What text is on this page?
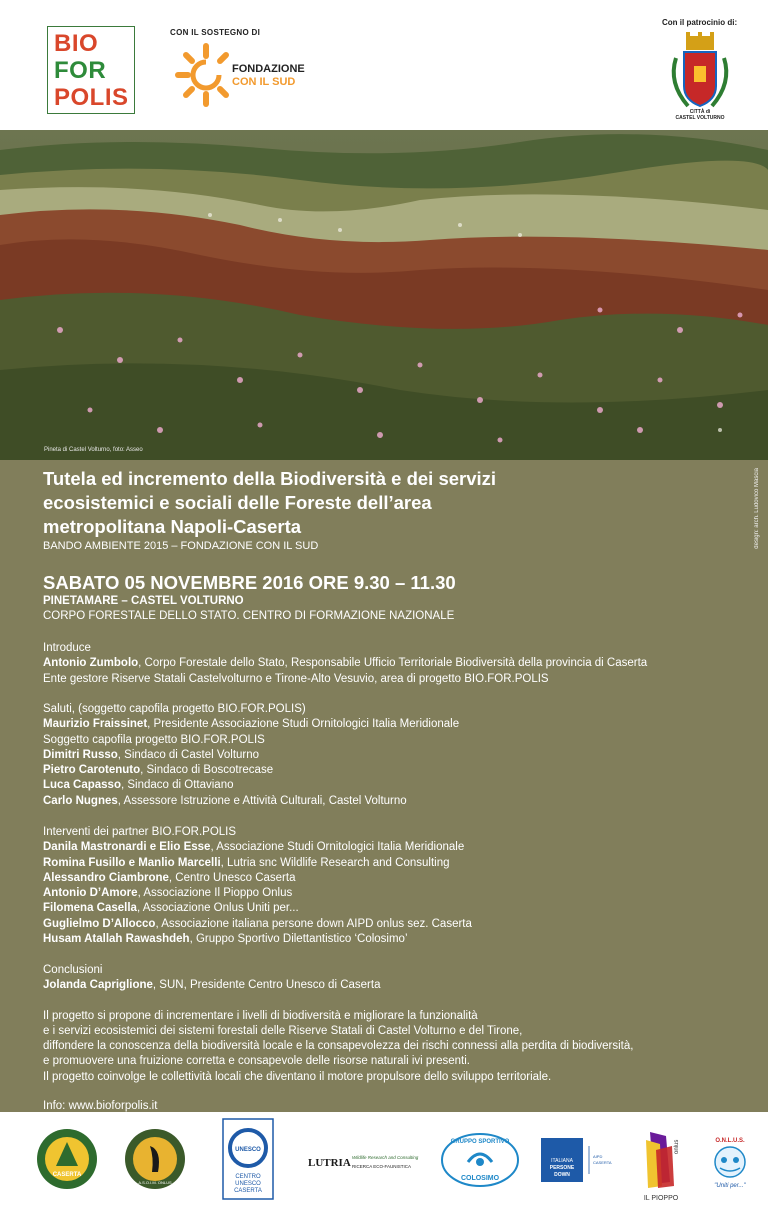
BIO
FOR
POLIS
CON IL SOSTEGNO DI
FONDAZIONE
CON IL SUD
Con il patrocinio di:
CITTÀ di
CASTEL VOLTURNO
Pineta di Castel Volturno, foto: Asseo
Tutela ed incremento della Biodiversità e dei servizi
ecosistemici e sociali delle Foreste dell’area
metropolitana Napoli-Caserta
BANDO AMBIENTE 2015 – FONDAZIONE CON IL SUD	design: arch. Ludovico Mascia
SABATO 05 NOVEMBRE 2016 ORE 9.30 – 11.30
PINETAMARE – CASTEL VOLTURNO
CORPO FORESTALE DELLO STATO. CENTRO DI FORMAZIONE NAZIONALE
Introduce
Antonio Zumbolo, Corpo Forestale dello Stato, Responsabile Ufficio Territoriale Biodiversità della provincia di Caserta
Ente gestore Riserve Statali Castelvolturno e Tirone-Alto Vesuvio, area di progetto BIO.FOR.POLIS
Saluti, (soggetto capofila progetto BIO.FOR.POLIS)
Maurizio Fraissinet, Presidente Associazione Studi Ornitologici Italia Meridionale
Soggetto capofila progetto BIO.FOR.POLIS
Dimitri Russo, Sindaco di Castel Volturno
Pietro Carotenuto, Sindaco di Boscotrecase
Luca Capasso, Sindaco di Ottaviano
Carlo Nugnes, Assessore Istruzione e Attività Culturali, Castel Volturno
Interventi dei partner BIO.FOR.POLIS
Danila Mastronardi e Elio Esse, Associazione Studi Ornitologici Italia Meridionale
Romina Fusillo e Manlio Marcelli, Lutria snc Wildlife Research and Consulting
Alessandro Ciambrone, Centro Unesco Caserta
Antonio D’Amore, Associazione Il Pioppo Onlus
Filomena Casella, Associazione Onlus Uniti per...
Guglielmo D’Allocco, Associazione italiana persone down AIPD onlus sez. Caserta
Husam Atallah Rawashdeh, Gruppo Sportivo Dilettantistico ‘Colosimo’
Conclusioni
Jolanda Capriglione, SUN, Presidente Centro Unesco di Caserta
Il progetto si propone di incrementare i livelli di biodiversità e migliorare la funzionalità
e i servizi ecosistemici dei sistemi forestali delle Riserve Statali di Castel Volturno e del Tirone,
diffondere la conoscenza della biodiversità locale e la consapevolezza dei rischi connessi alla perdita di biodiversità,
e promuovere una fruizione corretta e consapevole delle risorse naturali ivi presenti.
Il progetto coinvolge le collettività locali che diventano il motore propulsore dello sviluppo territoriale.
Info: www.bioforpolis.it
CASERTA
A.S.O.I.M. ONLUS
UNESCO
CENTRO
UNESCO
CASERTA
LUTRIA Wildlife Research and Consulting
RICERCA ECO-FAUNISTICA
GRUPPO SPORTIVO
COLOSIMO
ITALIANA
PERSONE
DOWN
AIPD
CASERTA
onlus
IL PIOPPO
O.N.L.U.S.
"Uniti per..."
